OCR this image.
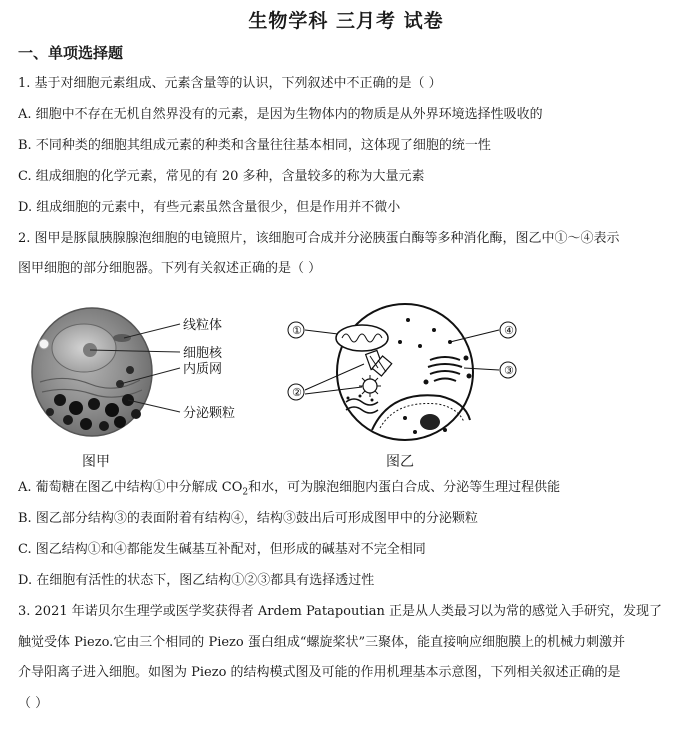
生物学科 三月考 试卷
一、单项选择题
1. 基于对细胞元素组成、元素含量等的认识，下列叙述中不正确的是（ ）
A. 细胞中不存在无机自然界没有的元素，是因为生物体内的物质是从外界环境选择性吸收的
B. 不同种类的细胞其组成元素的种类和含量往往基本相同，这体现了细胞的统一性
C. 组成细胞的化学元素，常见的有 20 多种，含量较多的称为大量元素
D. 组成细胞的元素中，有些元素虽然含量很少，但是作用并不微小
2. 图甲是豚鼠胰腺腺泡细胞的电镜照片，该细胞可合成并分泌胰蛋白酶等多种消化酶，图乙中①～④表示
图甲细胞的部分细胞器。下列有关叙述正确的是（ ）
线粒体
细胞核
内质网
分泌颗粒
图甲
①
②
④
③
图乙
A. 葡萄糖在图乙中结构①中分解成 $CO_2$和水，可为腺泡细胞内蛋白合成、分泌等生理过程供能
B. 图乙部分结构③的表面附着有结构④，结构③鼓出后可形成图甲中的分泌颗粒
C. 图乙结构①和④都能发生碱基互补配对，但形成的碱基对不完全相同
D. 在细胞有活性的状态下，图乙结构①②③都具有选择透过性
3. 2021 年诺贝尔生理学或医学奖获得者 Ardem Patapoutian 正是从人类最习以为常的感觉入手研究，发现了
触觉受体 Piezo.它由三个相同的 Piezo 蛋白组成“螺旋桨状”三聚体，能直接响应细胞膜上的机械力刺激并
介导阳离子进入细胞。如图为 Piezo 的结构模式图及可能的作用机理基本示意图，下列相关叙述正确的是
（ ）
